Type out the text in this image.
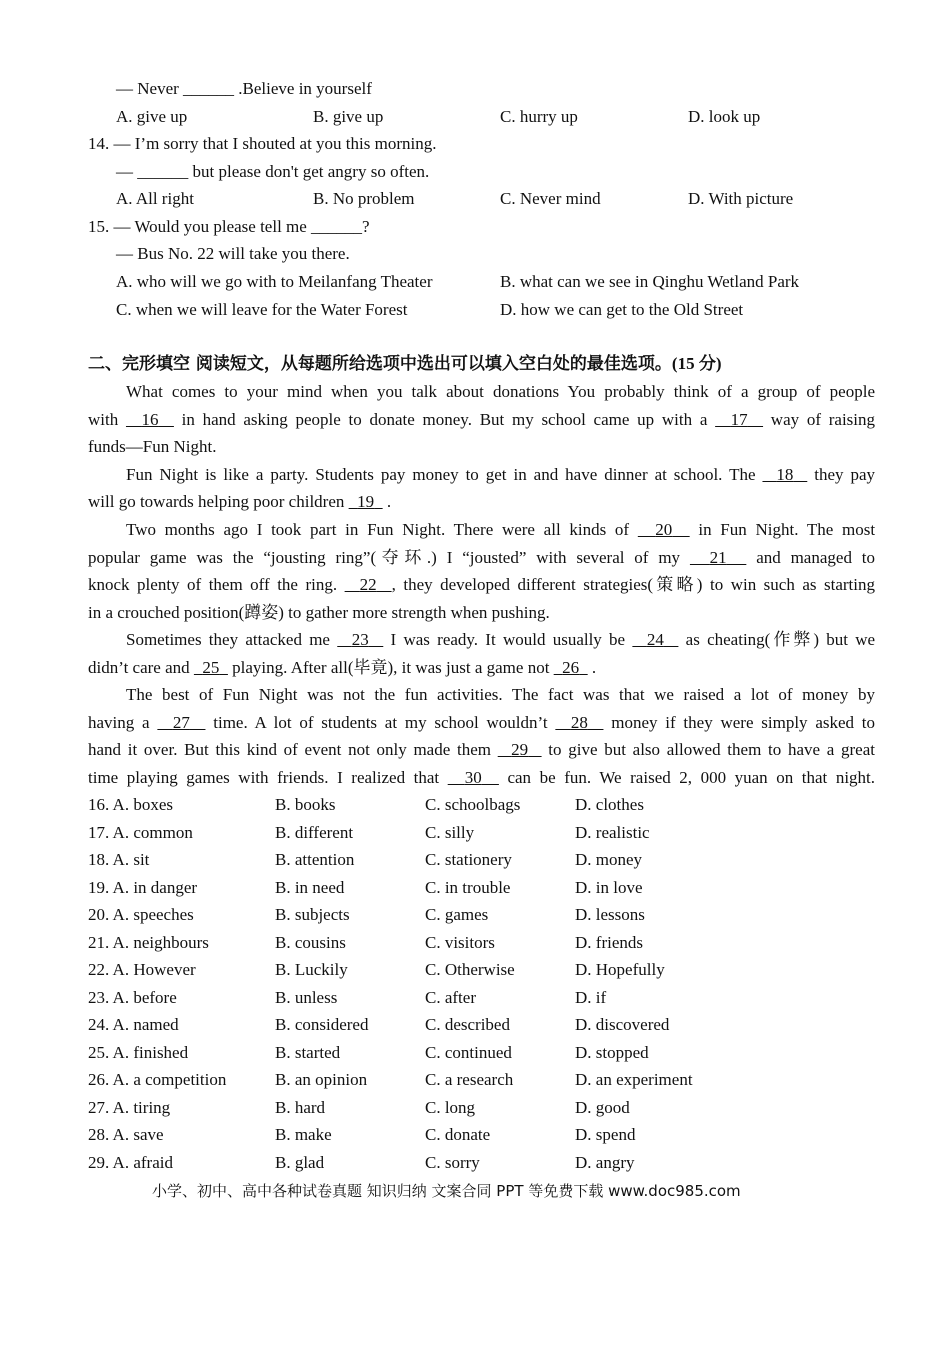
— Never ______ .Believe in yourself
A. give up	B. give up	C. hurry up	D. look up
14. — I’m sorry that I shouted at you this morning.
— ______ but please don't get angry so often.
A. All right	B. No problem	C. Never mind	D. With picture
15. — Would you please tell me ______?
— Bus No. 22 will take you there.
A. who will we go with to Meilanfang Theater	B. what can we see in Qinghu Wetland Park
C. when we will leave for the Water Forest	D. how we can get to the Old Street
二、完形填空 阅读短文，从每题所给选项中选出可以填入空白处的最佳选项。(15 分)
What comes to your mind when you talk about donations You probably think of a group of people
with 16 in hand asking people to donate money. But my school came up with a 17 way of raising
funds—Fun Night.
Fun Night is like a party. Students pay money to get in and have dinner at school. The 18 they pay
will go towards helping poor children 19 .
Two months ago I took part in Fun Night. There were all kinds of 20 in Fun Night. The most
popular game was the “jousting ring”(夺环.) I “jousted” with several of my 21 and managed to
knock plenty of them off the ring. 22 , they developed different strategies(策略) to win such as starting
in a crouched position(蹲姿) to gather more strength when pushing.
Sometimes they attacked me 23 I was ready. It would usually be 24 as cheating(作弊) but we
didn’t care and 25 playing. After all(毕竟), it was just a game not 26 .
The best of Fun Night was not the fun activities. The fact was that we raised a lot of money by
having a 27 time. A lot of students at my school wouldn’t 28 money if they were simply asked to
hand it over. But this kind of event not only made them 29 to give but also allowed them to have a great
time playing games with friends. I realized that 30 can be fun. We raised 2, 000 yuan on that night.
16. A. boxes	B. books	C. schoolbags	D. clothes
17. A. common	B. different	C. silly	D. realistic
18. A. sit	B. attention	C. stationery	D. money
19. A. in danger	B. in need	C. in trouble	D. in love
20. A. speeches	B. subjects	C. games	D. lessons
21. A. neighbours	B. cousins	C. visitors	D. friends
22. A. However	B. Luckily	C. Otherwise	D. Hopefully
23. A. before	B. unless	C. after	D. if
24. A. named	B. considered	C. described	D. discovered
25. A. finished	B. started	C. continued	D. stopped
26. A. a competition	B. an opinion	C. a research	D. an experiment
27. A. tiring	B. hard	C. long	D. good
28. A. save	B. make	C. donate	D. spend
29. A. afraid	B. glad	C. sorry	D. angry
小学、初中、高中各种试卷真题 知识归纳 文案合同 PPT 等免费下载 www.doc985.com
